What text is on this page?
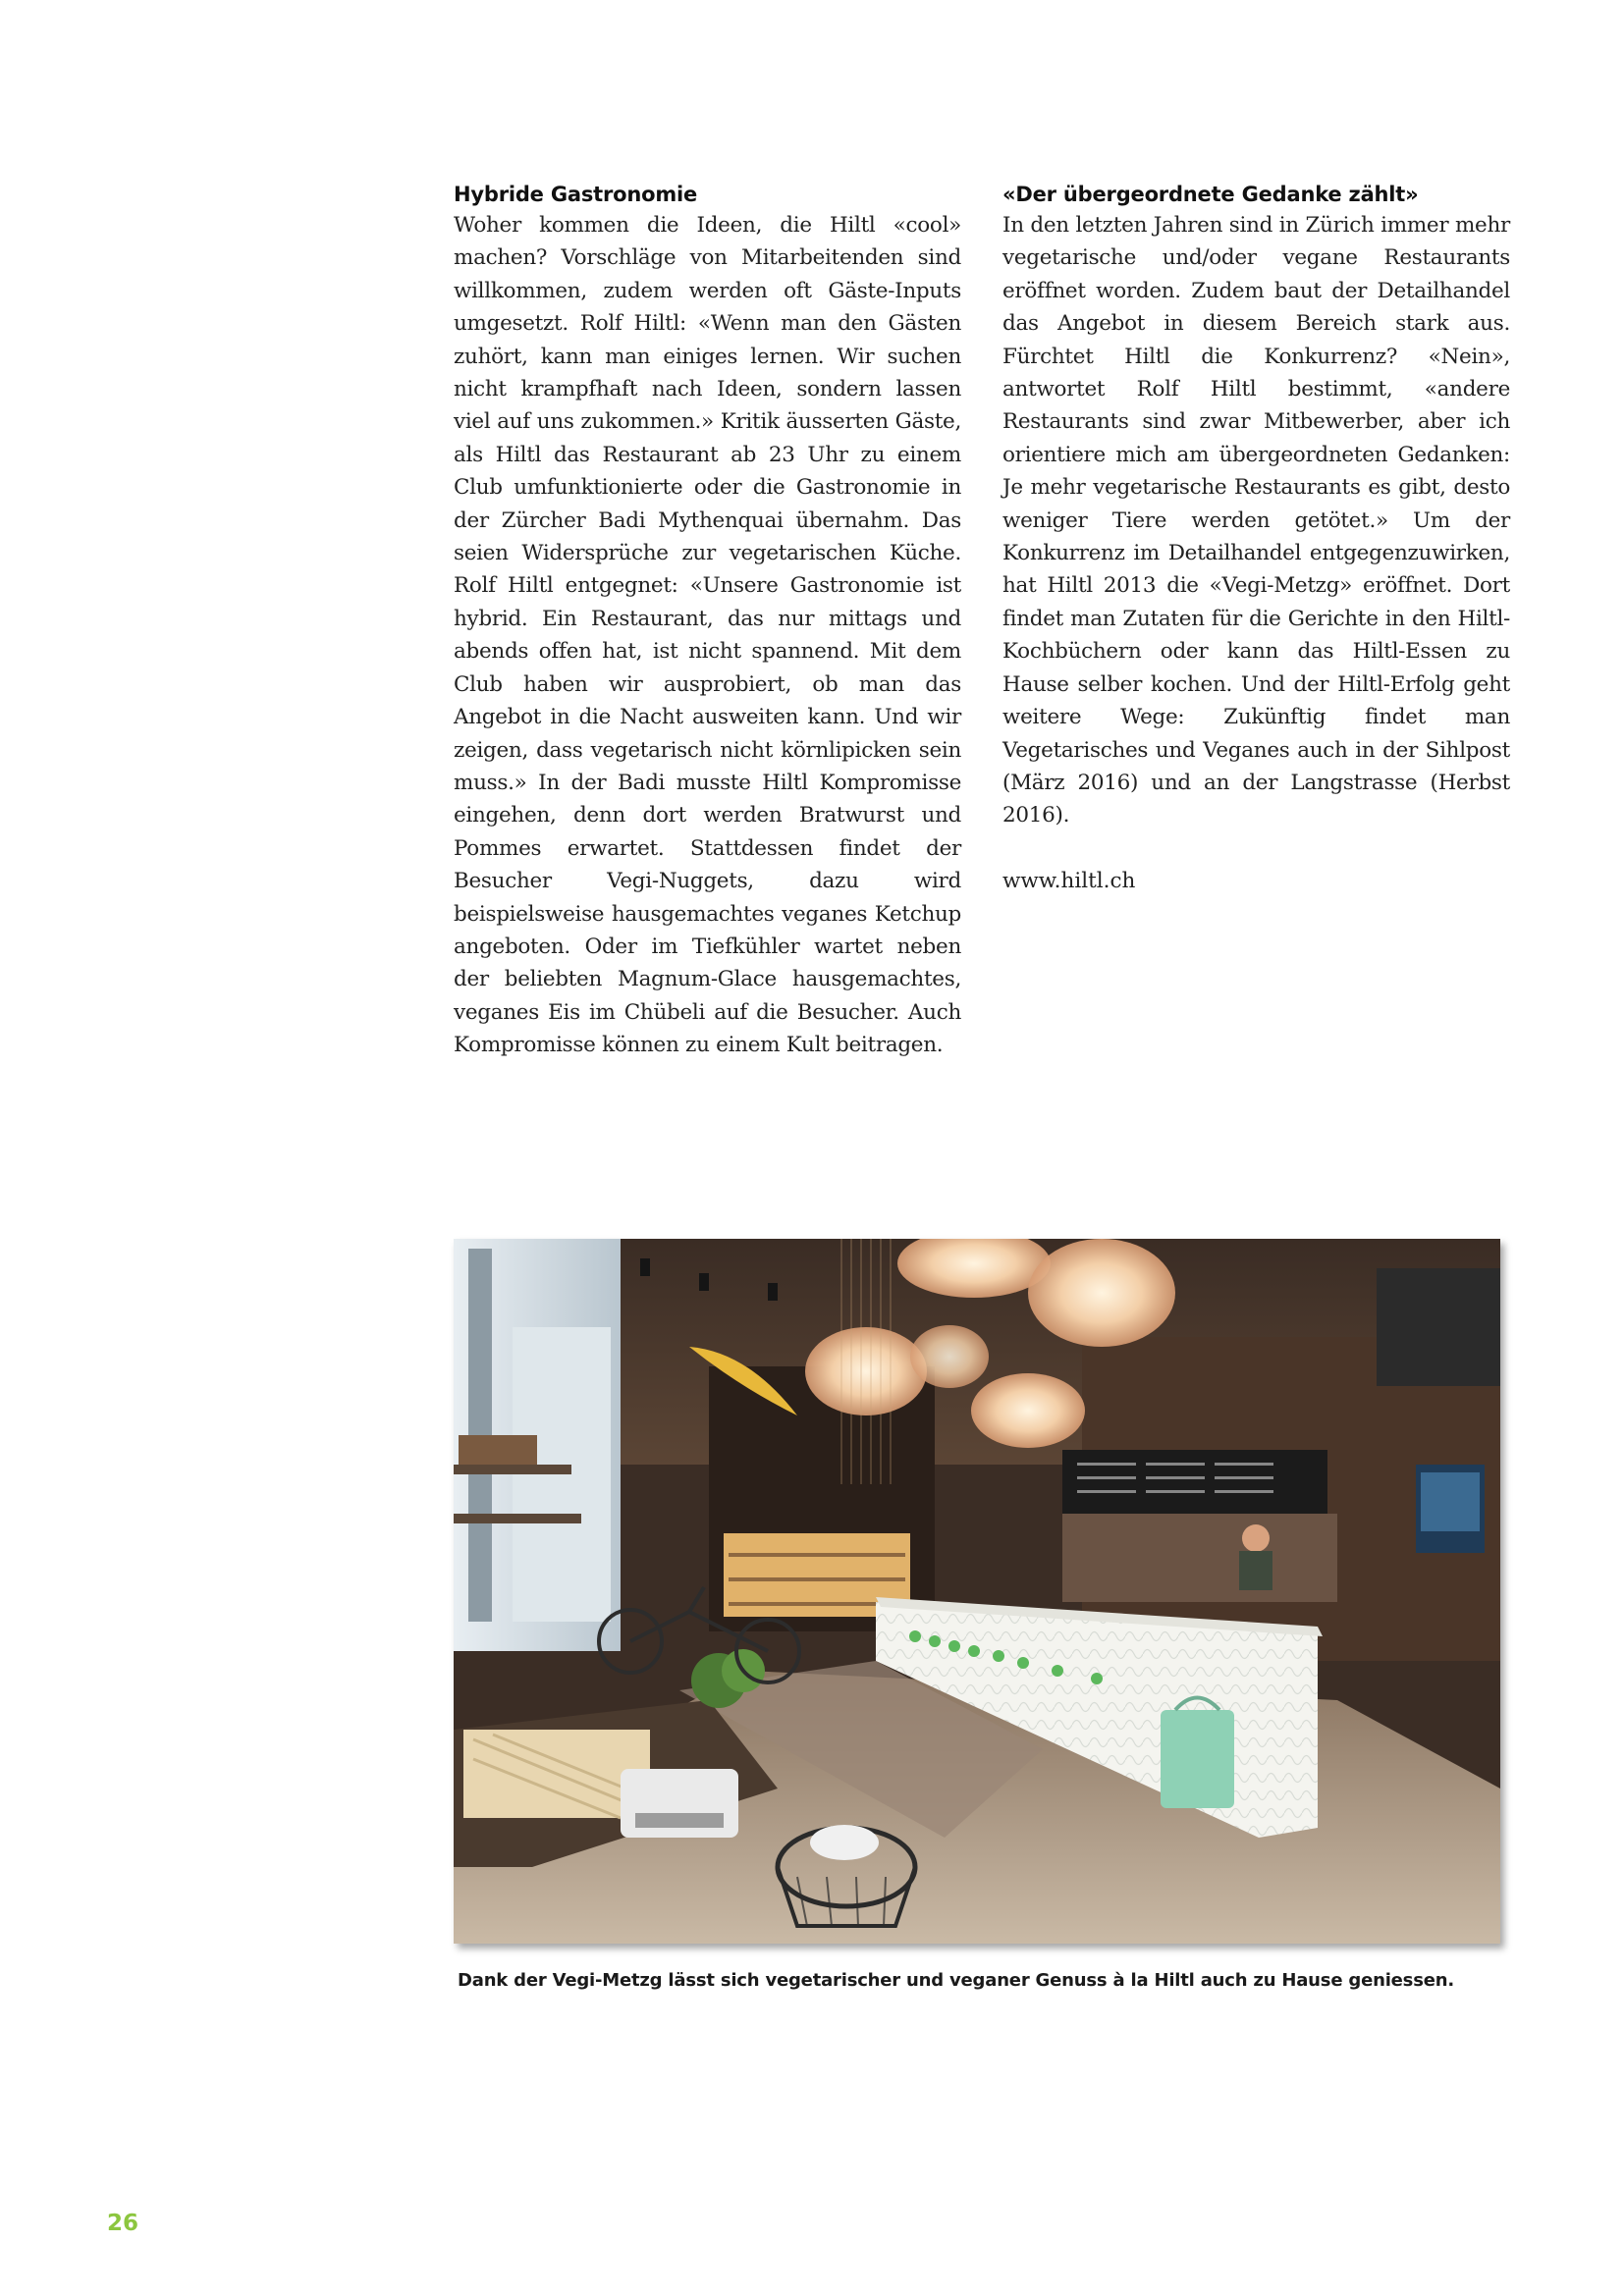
Hybride Gastronomie

Woher kommen die Ideen, die Hiltl «cool» machen? Vorschläge von Mitarbeitenden sind willkommen, zudem werden oft Gäste-Inputs umgesetzt. Rolf Hiltl: «Wenn man den Gästen zuhört, kann man einiges lernen. Wir suchen nicht krampfhaft nach Ideen, sondern lassen viel auf uns zukommen.» Kritik äusserten Gäste, als Hiltl das Restaurant ab 23 Uhr zu einem Club umfunktionierte oder die Gastronomie in der Zürcher Badi Mythenquai übernahm. Das seien Widersprüche zur vegetarischen Küche. Rolf Hiltl entgegnet: «Unsere Gastronomie ist hybrid. Ein Restaurant, das nur mittags und abends offen hat, ist nicht spannend. Mit dem Club haben wir ausprobiert, ob man das Angebot in die Nacht ausweiten kann. Und wir zeigen, dass vegetarisch nicht körnlipicken sein muss.» In der Badi musste Hiltl Kompromisse eingehen, denn dort werden Bratwurst und Pommes erwartet. Stattdessen findet der Besucher Vegi-Nuggets, dazu wird beispielsweise hausgemachtes veganes Ketchup angeboten. Oder im Tiefkühler wartet neben der beliebten Magnum-Glace hausgemachtes, veganes Eis im Chübeli auf die Besucher. Auch Kompromisse können zu einem Kult beitragen.

«Der übergeordnete Gedanke zählt»

In den letzten Jahren sind in Zürich immer mehr vegetarische und/oder vegane Restaurants eröffnet worden. Zudem baut der Detailhandel das Angebot in diesem Bereich stark aus. Fürchtet Hiltl die Konkurrenz? «Nein», antwortet Rolf Hiltl bestimmt, «andere Restaurants sind zwar Mitbewerber, aber ich orientiere mich am übergeordneten Gedanken: Je mehr vegetarische Restaurants es gibt, desto weniger Tiere werden getötet.» Um der Konkurrenz im Detailhandel entgegenzuwirken, hat Hiltl 2013 die «Vegi-Metzg» eröffnet. Dort findet man Zutaten für die Gerichte in den Hiltl-Kochbüchern oder kann das Hiltl-Essen zu Hause selber kochen. Und der Hiltl-Erfolg geht weitere Wege: Zukünftig findet man Vegetarisches und Veganes auch in der Sihlpost (März 2016) und an der Langstrasse (Herbst 2016).

www.hiltl.ch

Dank der Vegi-Metzg lässt sich vegetarischer und veganer Genuss à la Hiltl auch zu Hause geniessen.

26
